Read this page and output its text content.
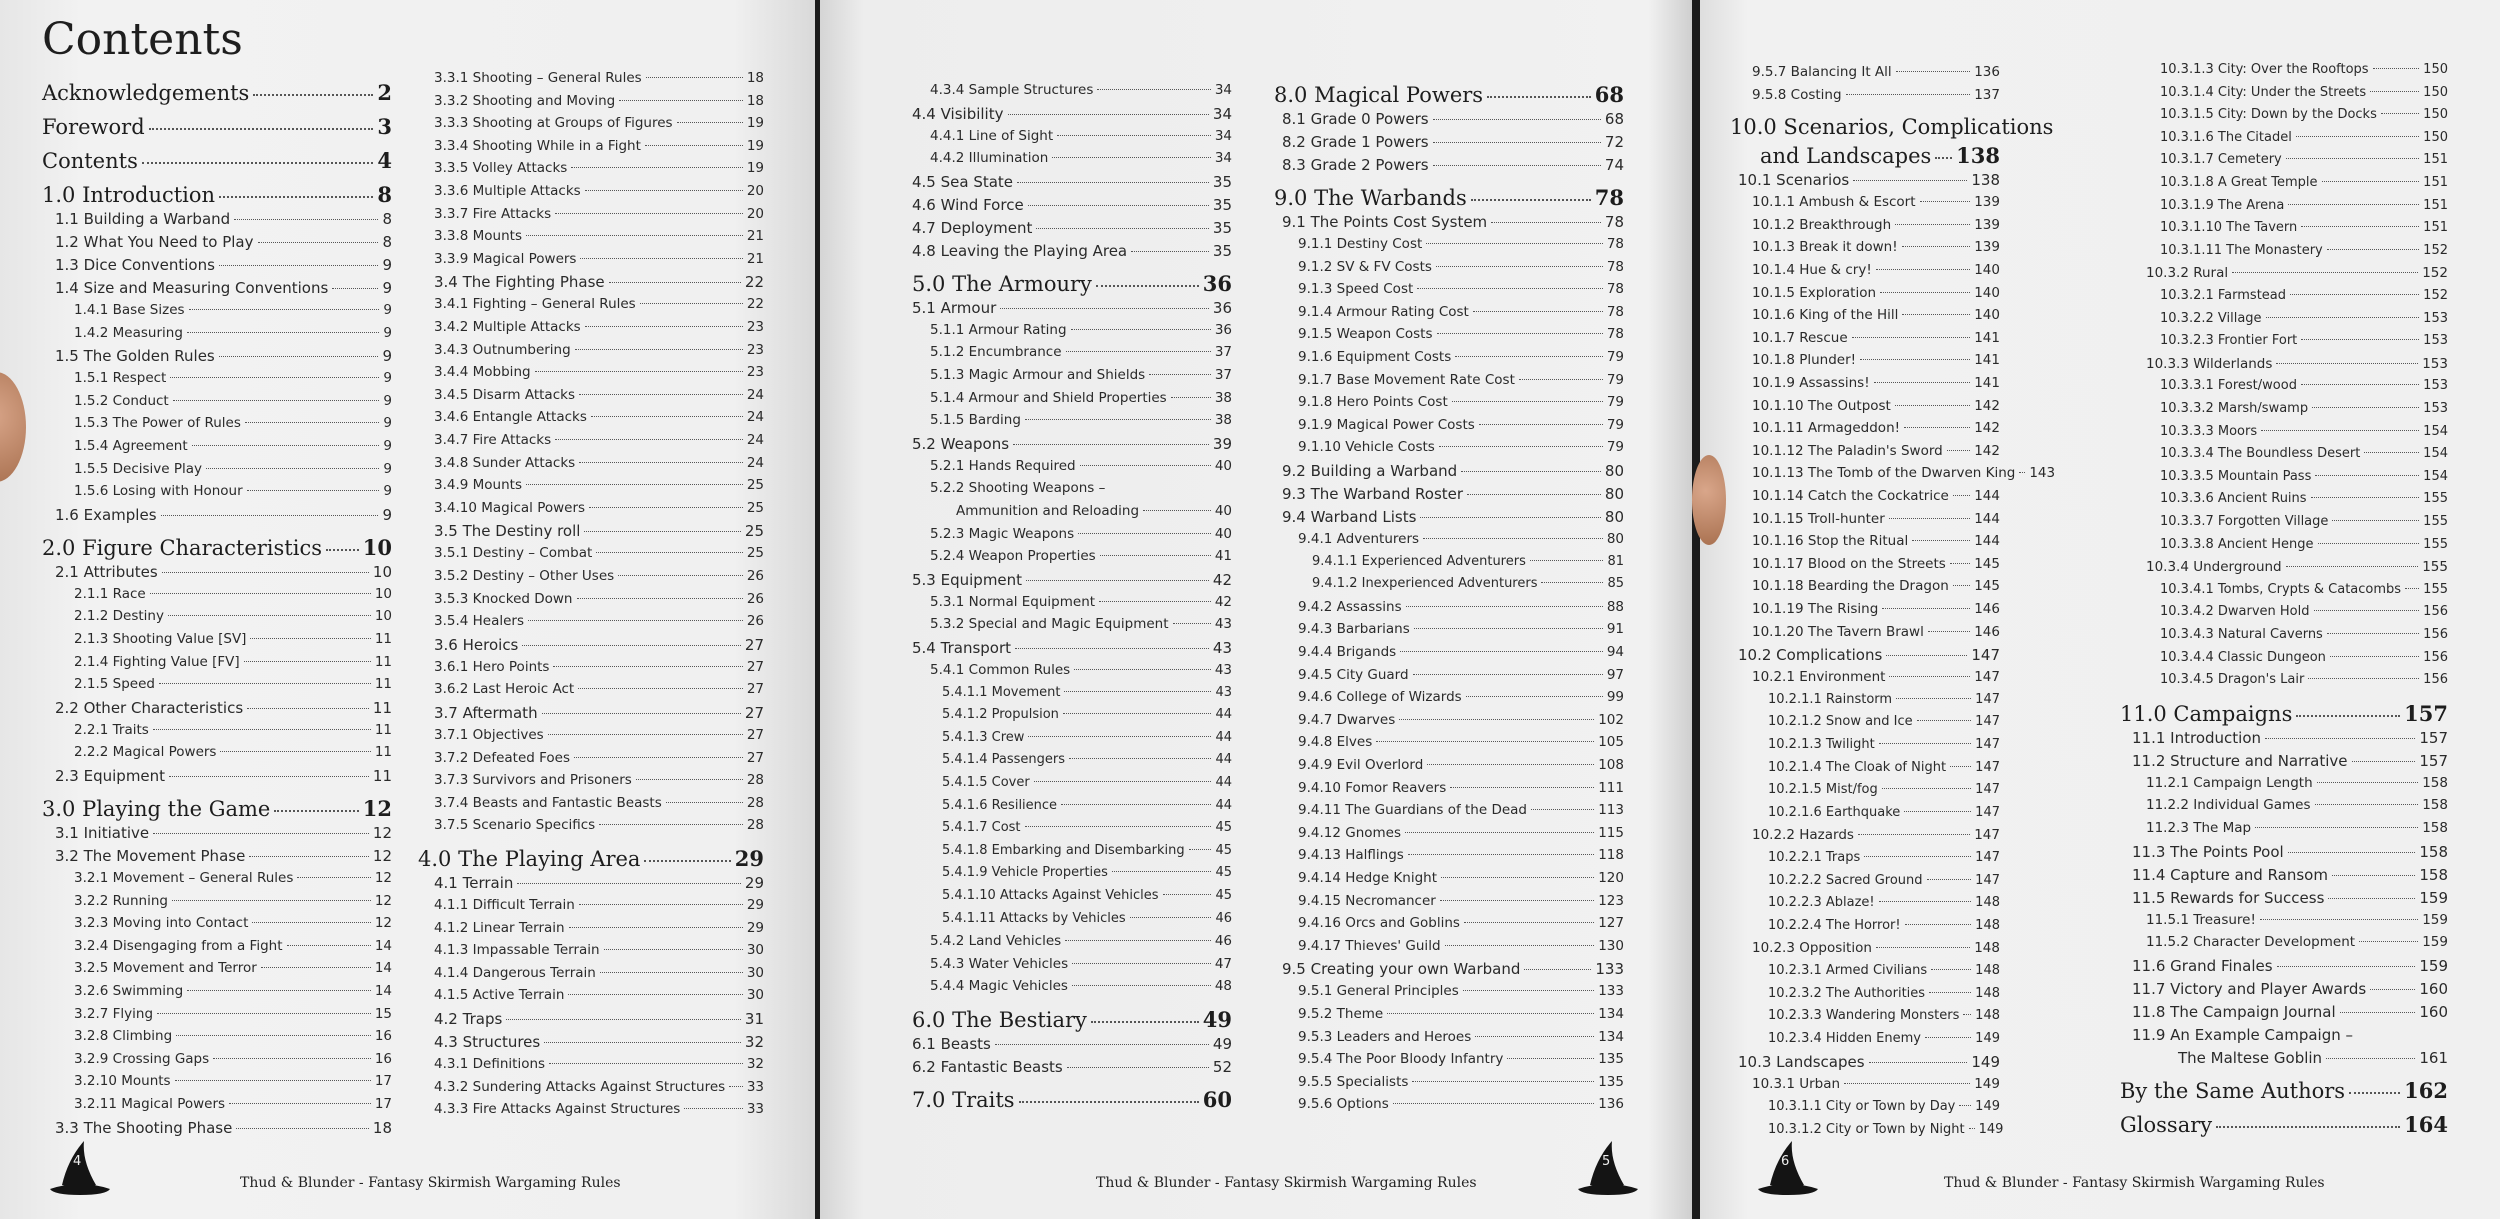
Contents
Acknowledgements	2
Foreword	3
Contents	4
1.0 Introduction	8
1.1 Building a Warband	8
1.2 What You Need to Play	8
1.3 Dice Conventions	9
1.4 Size and Measuring Conventions	9
1.4.1 Base Sizes	9
1.4.2 Measuring	9
1.5 The Golden Rules	9
1.5.1 Respect	9
1.5.2 Conduct	9
1.5.3 The Power of Rules	9
1.5.4 Agreement	9
1.5.5 Decisive Play	9
1.5.6 Losing with Honour	9
1.6 Examples	9
2.0 Figure Characteristics 10
2.1 Attributes	10
2.1.1 Race	10
2.1.2 Destiny	10
2.1.3 Shooting Value [SV]	11
2.1.4 Fighting Value [FV]	11
2.1.5 Speed	11
2.2 Other Characteristics	11
2.2.1 Traits	11
2.2.2 Magical Powers	11
2.3 Equipment	11
3.0 Playing the Game	12
3.1 Initiative	12
3.2 The Movement Phase	12
3.2.1 Movement – General Rules	12
3.2.2 Running	12
3.2.3 Moving into Contact	12
3.2.4 Disengaging from a Fight	14
3.2.5 Movement and Terror	14
3.2.6 Swimming	14
3.2.7 Flying	15
3.2.8 Climbing	16
3.2.9 Crossing Gaps	16
3.2.10 Mounts	17
3.2.11 Magical Powers	17
3.3 The Shooting Phase	18
3.3.1 Shooting – General Rules	18
3.3.2 Shooting and Moving	18
3.3.3 Shooting at Groups of Figures	19
3.3.4 Shooting While in a Fight	19
3.3.5 Volley Attacks	19
3.3.6 Multiple Attacks	20
3.3.7 Fire Attacks	20
3.3.8 Mounts	21
3.3.9 Magical Powers	21
3.4 The Fighting Phase	22
3.4.1 Fighting – General Rules	22
3.4.2 Multiple Attacks	23
3.4.3 Outnumbering	23
3.4.4 Mobbing	23
3.4.5 Disarm Attacks	24
3.4.6 Entangle Attacks	24
3.4.7 Fire Attacks	24
3.4.8 Sunder Attacks	24
3.4.9 Mounts	25
3.4.10 Magical Powers	25
3.5 The Destiny roll	25
3.5.1 Destiny – Combat	25
3.5.2 Destiny – Other Uses	26
3.5.3 Knocked Down	26
3.5.4 Healers	26
3.6 Heroics	27
3.6.1 Hero Points	27
3.6.2 Last Heroic Act	27
3.7 Aftermath	27
3.7.1 Objectives	27
3.7.2 Defeated Foes	27
3.7.3 Survivors and Prisoners	28
3.7.4 Beasts and Fantastic Beasts	28
3.7.5 Scenario Specifics	28
4.0 The Playing Area	29
4.1 Terrain	29
4.1.1 Difficult Terrain	29
4.1.2 Linear Terrain	29
4.1.3 Impassable Terrain	30
4.1.4 Dangerous Terrain	30
4.1.5 Active Terrain	30
4.2 Traps	31
4.3 Structures	32
4.3.1 Definitions	32
4.3.2 Sundering Attacks Against Structures 33
4.3.3 Fire Attacks Against Structures	33
4
Thud & Blunder - Fantasy Skirmish Wargaming Rules
4.3.4 Sample Structures	34
4.4 Visibility	34
4.4.1 Line of Sight	34
4.4.2 Illumination	34
4.5 Sea State	35
4.6 Wind Force	35
4.7 Deployment	35
4.8 Leaving the Playing Area	35
5.0 The Armoury	36
5.1 Armour	36
5.1.1 Armour Rating	36
5.1.2 Encumbrance	37
5.1.3 Magic Armour and Shields	37
5.1.4 Armour and Shield Properties	38
5.1.5 Barding	38
5.2 Weapons	39
5.2.1 Hands Required	40
5.2.2 Shooting Weapons –
Ammunition and Reloading	40
5.2.3 Magic Weapons	40
5.2.4 Weapon Properties	41
5.3 Equipment	42
5.3.1 Normal Equipment	42
5.3.2 Special and Magic Equipment	43
5.4 Transport	43
5.4.1 Common Rules	43
5.4.1.1 Movement	43
5.4.1.2 Propulsion	44
5.4.1.3 Crew	44
5.4.1.4 Passengers	44
5.4.1.5 Cover	44
5.4.1.6 Resilience	44
5.4.1.7 Cost	45
5.4.1.8 Embarking and Disembarking 45
5.4.1.9 Vehicle Properties	45
5.4.1.10 Attacks Against Vehicles	45
5.4.1.11 Attacks by Vehicles	46
5.4.2 Land Vehicles	46
5.4.3 Water Vehicles	47
5.4.4 Magic Vehicles	48
6.0 The Bestiary	49
6.1 Beasts	49
6.2 Fantastic Beasts	52
7.0 Traits	60
8.0 Magical Powers	68
8.1 Grade 0 Powers	68
8.2 Grade 1 Powers	72
8.3 Grade 2 Powers	74
9.0 The Warbands	78
9.1 The Points Cost System	78
9.1.1 Destiny Cost	78
9.1.2 SV & FV Costs	78
9.1.3 Speed Cost	78
9.1.4 Armour Rating Cost	78
9.1.5 Weapon Costs	78
9.1.6 Equipment Costs	79
9.1.7 Base Movement Rate Cost	79
9.1.8 Hero Points Cost	79
9.1.9 Magical Power Costs	79
9.1.10 Vehicle Costs	79
9.2 Building a Warband	80
9.3 The Warband Roster	80
9.4 Warband Lists	80
9.4.1 Adventurers	80
9.4.1.1 Experienced Adventurers	81
9.4.1.2 Inexperienced Adventurers	85
9.4.2 Assassins	88
9.4.3 Barbarians	91
9.4.4 Brigands	94
9.4.5 City Guard	97
9.4.6 College of Wizards	99
9.4.7 Dwarves	102
9.4.8 Elves	105
9.4.9 Evil Overlord	108
9.4.10 Fomor Reavers	111
9.4.11 The Guardians of the Dead	113
9.4.12 Gnomes	115
9.4.13 Halflings	118
9.4.14 Hedge Knight	120
9.4.15 Necromancer	123
9.4.16 Orcs and Goblins	127
9.4.17 Thieves' Guild	130
9.5 Creating your own Warband	133
9.5.1 General Principles	133
9.5.2 Theme	134
9.5.3 Leaders and Heroes	134
9.5.4 The Poor Bloody Infantry	135
9.5.5 Specialists	135
9.5.6 Options	136
Thud & Blunder - Fantasy Skirmish Wargaming Rules
5
9.5.7 Balancing It All	136
9.5.8 Costing	137
10.0 Scenarios, Complications
and Landscapes 138
10.1 Scenarios	138
10.1.1 Ambush & Escort	139
10.1.2 Breakthrough	139
10.1.3 Break it down!	139
10.1.4 Hue & cry!	140
10.1.5 Exploration	140
10.1.6 King of the Hill	140
10.1.7 Rescue	141
10.1.8 Plunder!	141
10.1.9 Assassins!	141
10.1.10 The Outpost	142
10.1.11 Armageddon!	142
10.1.12 The Paladin's Sword 142
10.1.13 The Tomb of the Dwarven King 143
10.1.14 Catch the Cockatrice 144
10.1.15 Troll-hunter	144
10.1.16 Stop the Ritual	144
10.1.17 Blood on the Streets 145
10.1.18 Bearding the Dragon 145
10.1.19 The Rising	146
10.1.20 The Tavern Brawl	146
10.2 Complications	147
10.2.1 Environment	147
10.2.1.1 Rainstorm	147
10.2.1.2 Snow and Ice	147
10.2.1.3 Twilight	147
10.2.1.4 The Cloak of Night 147
10.2.1.5 Mist/fog	147
10.2.1.6 Earthquake	147
10.2.2 Hazards	147
10.2.2.1 Traps	147
10.2.2.2 Sacred Ground	147
10.2.2.3 Ablaze!	148
10.2.2.4 The Horror!	148
10.2.3 Opposition	148
10.2.3.1 Armed Civilians	148
10.2.3.2 The Authorities	148
10.2.3.3 Wandering Monsters 148
10.2.3.4 Hidden Enemy	149
10.3 Landscapes	149
10.3.1 Urban	149
10.3.1.1 City or Town by Day 149
10.3.1.2 City or Town by Night 149
10.3.1.3 City: Over the Rooftops	150
10.3.1.4 City: Under the Streets	150
10.3.1.5 City: Down by the Docks	150
10.3.1.6 The Citadel	150
10.3.1.7 Cemetery	151
10.3.1.8 A Great Temple	151
10.3.1.9 The Arena	151
10.3.1.10 The Tavern	151
10.3.1.11 The Monastery	152
10.3.2 Rural	152
10.3.2.1 Farmstead	152
10.3.2.2 Village	153
10.3.2.3 Frontier Fort	153
10.3.3 Wilderlands	153
10.3.3.1 Forest/wood	153
10.3.3.2 Marsh/swamp	153
10.3.3.3 Moors	154
10.3.3.4 The Boundless Desert	154
10.3.3.5 Mountain Pass	154
10.3.3.6 Ancient Ruins	155
10.3.3.7 Forgotten Village	155
10.3.3.8 Ancient Henge	155
10.3.4 Underground	155
10.3.4.1 Tombs, Crypts & Catacombs 155
10.3.4.2 Dwarven Hold	156
10.3.4.3 Natural Caverns	156
10.3.4.4 Classic Dungeon	156
10.3.4.5 Dragon's Lair	156
11.0 Campaigns	157
11.1 Introduction	157
11.2 Structure and Narrative	157
11.2.1 Campaign Length	158
11.2.2 Individual Games	158
11.2.3 The Map	158
11.3 The Points Pool	158
11.4 Capture and Ransom	158
11.5 Rewards for Success	159
11.5.1 Treasure!	159
11.5.2 Character Development	159
11.6 Grand Finales	159
11.7 Victory and Player Awards	160
11.8 The Campaign Journal	160
11.9 An Example Campaign –
The Maltese Goblin	161
By the Same Authors	162
Glossary	164
6
Thud & Blunder - Fantasy Skirmish Wargaming Rules
